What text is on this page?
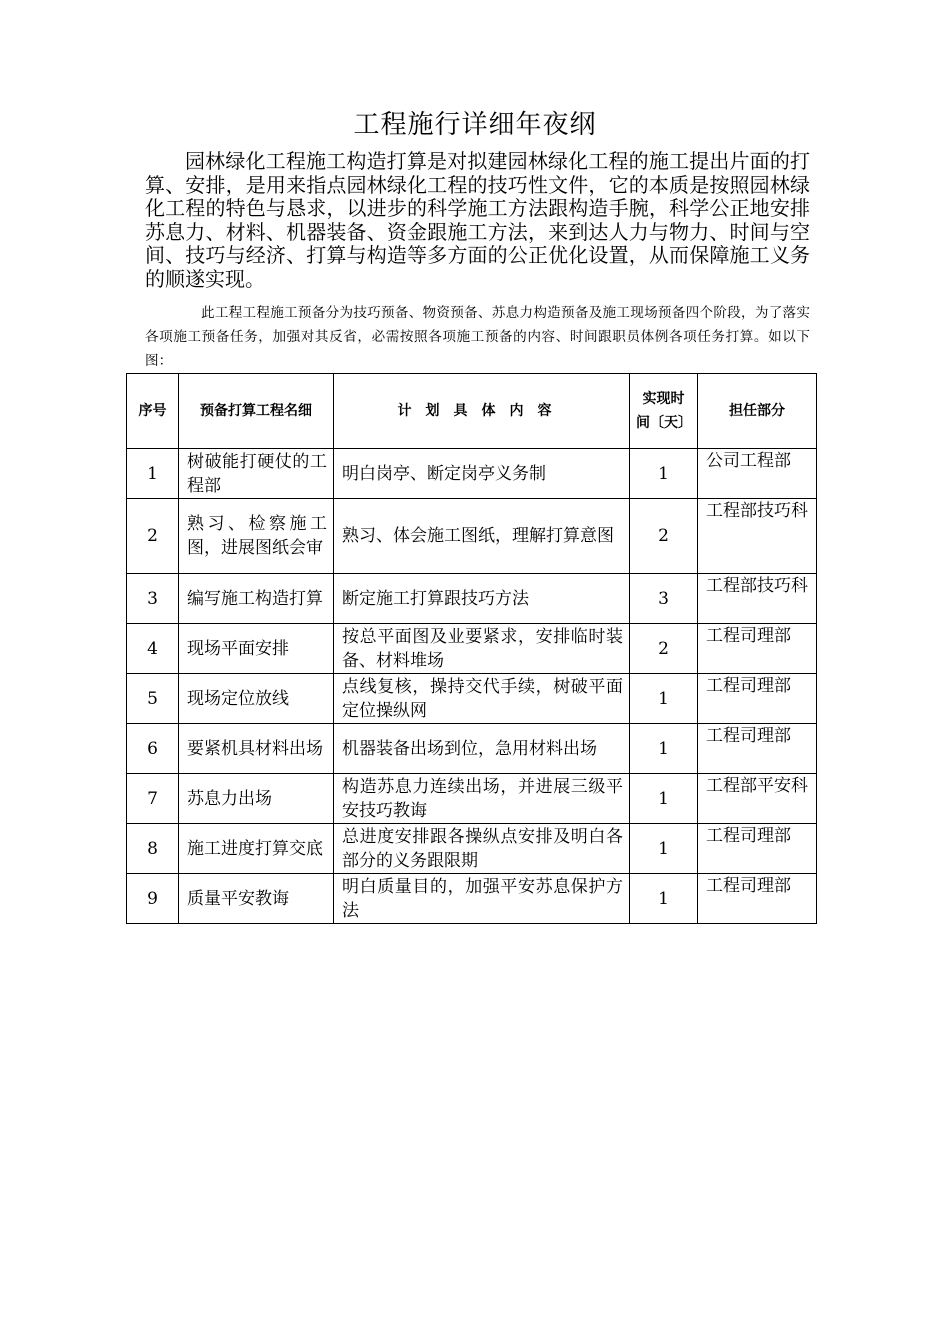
工程施行详细年夜纲

园林绿化工程施工构造打算是对拟建园林绿化工程的施工提出片面的打算、安排，是用来指点园林绿化工程的技巧性文件，它的本质是按照园林绿化工程的特色与恳求，以进步的科学施工方法跟构造手腕，科学公正地安排苏息力、材料、机器装备、资金跟施工方法，来到达人力与物力、时间与空间、技巧与经济、打算与构造等多方面的公正优化设置，从而保障施工义务的顺遂实现。

此工程工程施工预备分为技巧预备、物资预备、苏息力构造预备及施工现场预备四个阶段，为了落实各项施工预备任务，加强对其反省，必需按照各项施工预备的内容、时间跟职员体例各项任务打算。如以下图：

序号	预备打算工程名细	计划具体内容	实现时间〔天〕	担任部分
1	树破能打硬仗的工程部	明白岗亭、断定岗亭义务制	1	公司工程部

2	熟习、检察施工图，进展图纸会审	熟习、体会施工图纸，理解打算意图	2	工程部技巧科

3	编写施工构造打算	断定施工打算跟技巧方法	3	工程部技巧科

4	现场平面安排	按总平面图及业要紧求，安排临时装备、材料堆场	2	工程司理部

5	现场定位放线	点线复核，操持交代手续，树破平面定位操纵网	1	工程司理部

6	要紧机具材料出场	机器装备出场到位，急用材料出场	1	工程司理部

7	苏息力出场	构造苏息力连续出场，并进展三级平安技巧教诲	1	工程部平安科

8	施工进度打算交底	总进度安排跟各操纵点安排及明白各部分的义务跟限期	1	工程司理部

9	质量平安教诲	明白质量目的，加强平安苏息保护方法	1	工程司理部
